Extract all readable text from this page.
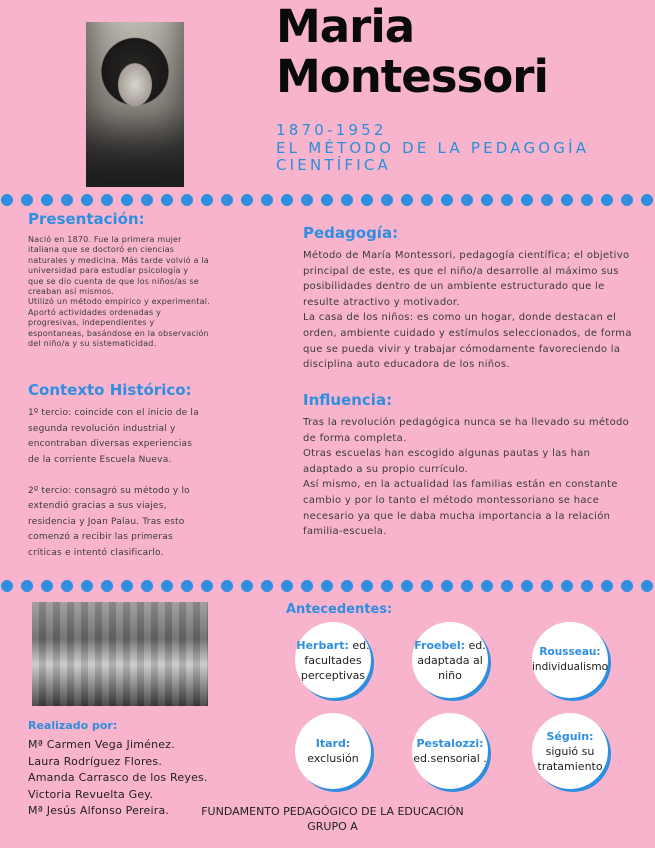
Maria
Montessori
1870-1952
EL MÉTODO DE LA PEDAGOGÍA CIENTÍFICA
Presentación:
Nació en 1870. Fue la primera mujer
italiana que se doctoró en ciencias
naturales y medicina. Más tarde volvió a la
universidad para estudiar psicología y
que se dio cuenta de que los niños/as se
creaban así mismos.
Utilizó un método empírico y experimental.
Aportó actividades ordenadas y
progresivas, independientes y
espontaneas, basándose en la observación
del niño/a y su sistematicidad.
Contexto Histórico:
1º tercio: coincide con el inicio de la
segunda revolución industrial y
encontraban diversas experiencias
de la corriente Escuela Nueva.
2º tercio: consagró su método y lo
extendió gracias a sus viajes,
residencia y Joan Palau. Tras esto
comenzó a recibir las primeras
críticas e intentó clasificarlo.
Pedagogía:
Método de María Montessori, pedagogía científica; el objetivo
principal de este, es que el niño/a desarrolle al máximo sus
posibilidades dentro de un ambiente estructurado que le
resulte atractivo y motivador.
La casa de los niños: es como un hogar, donde destacan el
orden, ambiente cuidado y estímulos seleccionados, de forma
que se pueda vivir y trabajar cómodamente favoreciendo la
disciplina auto educadora de los niños.
Influencia:
Tras la revolución pedagógica nunca se ha llevado su método
de forma completa.
Otras escuelas han escogido algunas pautas y las han
adaptado a su propio currículo.
Así mismo, en la actualidad las familias están en constante
cambio y por lo tanto el método montessoriano se hace
necesario ya que le daba mucha importancia a la relación
familia-escuela.
Antecedentes:
Herbart: ed. facultades perceptivas
Froebel: ed. adaptada al niño
Rousseau:
individualismo
Itard:
exclusión
Pestalozzi:
ed.sensorial .
Séguin:
siguió su tratamiento
Realizado por:
Mª Carmen Vega Jiménez.
Laura Rodríguez Flores.
Amanda Carrasco de los Reyes.
Victoria Revuelta Gey.
Mª Jesús Alfonso Pereira.	FUNDAMENTO PEDAGÓGICO DE LA EDUCACIÓN
GRUPO A
